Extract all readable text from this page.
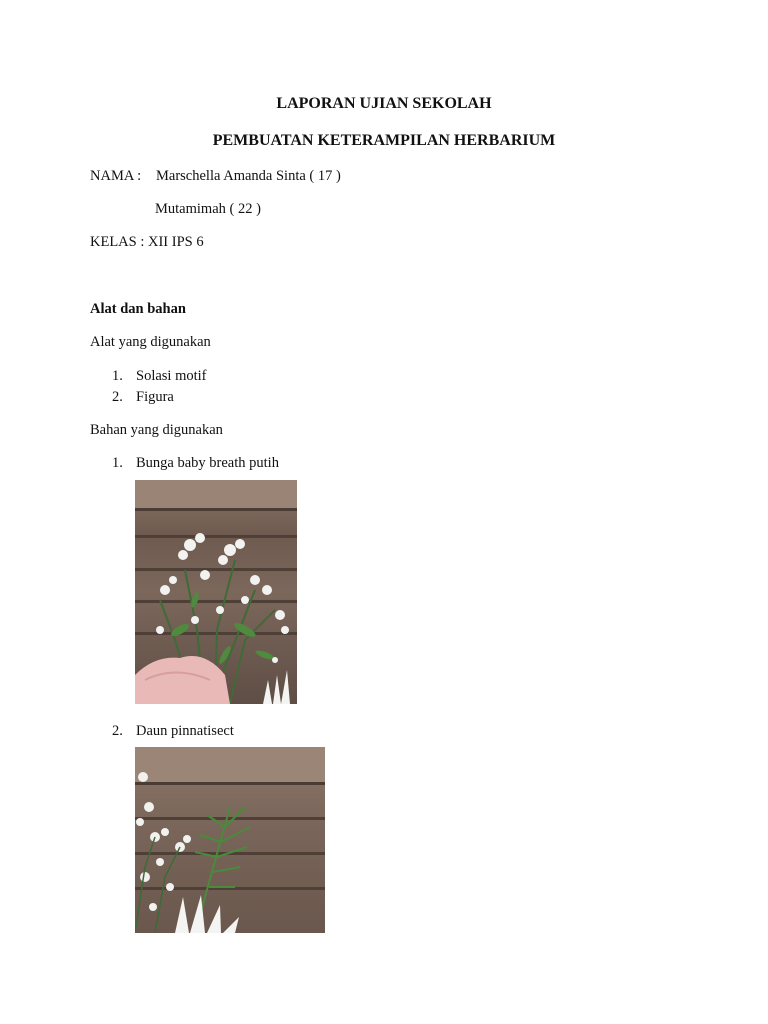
LAPORAN UJIAN SEKOLAH
PEMBUATAN KETERAMPILAN HERBARIUM
NAMA : Marschella Amanda Sinta ( 17 )
Mutamimah ( 22 )
KELAS : XII IPS 6
Alat dan bahan
Alat yang digunakan
1. Solasi motif
2. Figura
Bahan yang digunakan
1. Bunga baby breath putih
2. Daun pinnatisect
